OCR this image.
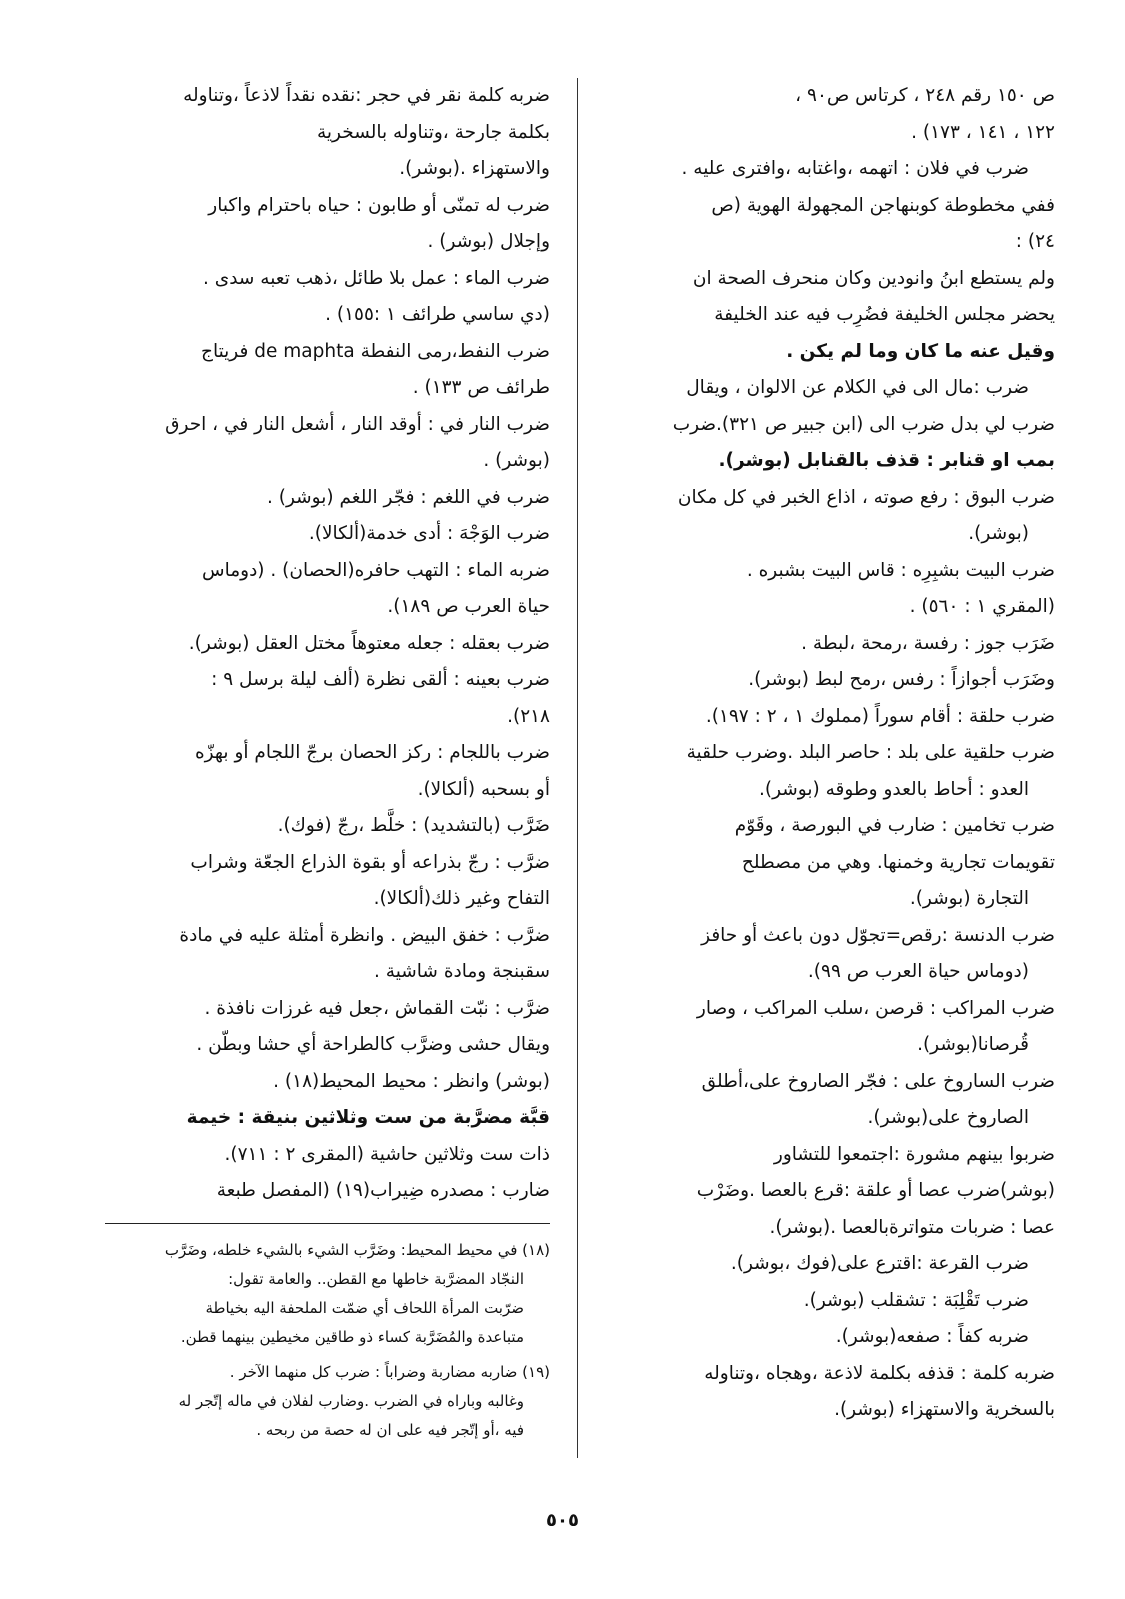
ص ١٥٠ رقم ٢٤٨ ، كرتاس ص٩٠ ،
١٢٢ ، ١٤١ ، ١٧٣) .
ضرب في فلان : اتهمه ،واغتابه ،وافترى عليه .
ففي مخطوطة كوبنهاجن المجهولة الهوية (ص
٢٤) :
ولم يستطع ابنُ وانودين وكان منحرف الصحة ان
يحضر مجلس الخليفة فضُرِب فيه عند الخليفة
وقيل عنه ما كان وما لم يكن .
ضرب :مال الى في الكلام عن الالوان ، ويقال
ضرب لي بدل ضرب الى (ابن جبير ص ٣٢١).ضرب
بمب او قنابر : قذف بالقنابل (بوشر).
ضرب البوق : رفع صوته ، اذاع الخبر في كل مكان
(بوشر).
ضرب البيت بشبِرِه : قاس البيت بشبره .
(المقري ١ : ٥٦٠) .
ضَرَب جوز : رفسة ،رمحة ،لبطة .
وضَرَب أجوازاً : رفس ،رمح لبط (بوشر).
ضرب حلقة : أقام سوراً (مملوك ١ ، ٢ : ١٩٧).
ضرب حلقية على بلد : حاصر البلد .وضرب حلقية
العدو : أحاط بالعدو وطوقه (بوشر).
ضرب تخامين : ضارب في البورصة ، وقَوّم
تقويمات تجارية وخمنها. وهي من مصطلح
التجارة (بوشر).
ضرب الدنسة :رقص=تجوّل دون باعث أو حافز
(دوماس حياة العرب ص ٩٩).
ضرب المراكب : قرصن ،سلب المراكب ، وصار
قُرصانا(بوشر).
ضرب الساروخ على : فجّر الصاروخ على،أطلق
الصاروخ على(بوشر).
ضربوا بينهم مشورة :اجتمعوا للتشاور
(بوشر)ضرب عصا أو علقة :قرع بالعصا .وضَرْب
عصا : ضربات متواترةبالعصا .(بوشر).
ضرب القرعة :اقترع على(فوك ،بوشر).
ضرب تَقْلِبَة : تشقلب (بوشر).
ضربه كفاً : صفعه(بوشر).
ضربه كلمة : قذفه بكلمة لاذعة ،وهجاه ،وتناوله
بالسخرية والاستهزاء (بوشر).
ضربه كلمة نقر في حجر :نقده نقداً لاذعاً ،وتناوله
بكلمة جارحة ،وتناوله بالسخرية
والاستهزاء .(بوشر).
ضرب له تمنّى أو طابون : حياه باحترام واكبار
وإجلال (بوشر) .
ضرب الماء : عمل بلا طائل ،ذهب تعبه سدى .
(دي ساسي طرائف ١ :١٥٥) .
ضرب النفط،رمى النفطة de maphta فريتاج
طرائف ص ١٣٣) .
ضرب النار في : أوقد النار ، أشعل النار في ، احرق
(بوشر) .
ضرب في اللغم : فجّر اللغم (بوشر) .
ضرب الوَجْهَ : أدى خدمة(ألكالا).
ضربه الماء : التهب حافره(الحصان) . (دوماس
حياة العرب ص ١٨٩).
ضرب بعقله : جعله معتوهاً مختل العقل (بوشر).
ضرب بعينه : ألقى نظرة (ألف ليلة برسل ٩ :
٢١٨).
ضرب باللجام : ركز الحصان برجّ اللجام أو بهزّه
أو بسحبه (ألكالا).
ضَرَّب (بالتشديد) : خلَّط ،رجّ (فوك).
ضرَّب : رجّ بذراعه أو بقوة الذراع الجعّة وشراب
التفاح وغير ذلك(ألكالا).
ضرَّب : خفق البيض . وانظرة أمثلة عليه في مادة
سقبنجة ومادة شاشية .
ضرَّب : نبّت القماش ،جعل فيه غرزات نافذة .
ويقال حشى وضرَّب كالطراحة أي حشا وبطّن .
(بوشر) وانظر : محيط المحيط(١٨) .
قبَّة مضرَّبة من ست وثلاثين بنيقة : خيمة
ذات ست وثلاثين حاشية (المقرى ٢ : ٧١١).
ضارب : مصدره ضِيراب(١٩) (المفصل طبعة
(١٨) في محيط المحيط: وضَرَّب الشيء بالشيء خلطه، وضَرَّب
النجّاد المضرَّبة خاطها مع القطن.. والعامة تقول:
ضرّبت المرأة اللحاف أي ضمّت الملحفة اليه بخياطة
متباعدة والمُضَرَّبة كساء ذو طاقين مخيطين بينهما قطن.
(١٩) ضاربه مضاربة وضراباً : ضرب كل منهما الآخر .
وغالبه وباراه في الضرب .وضارب لفلان في ماله إتّجر له
فيه ،أو إتّجر فيه على ان له حصة من ربحه .
٥٠٥
